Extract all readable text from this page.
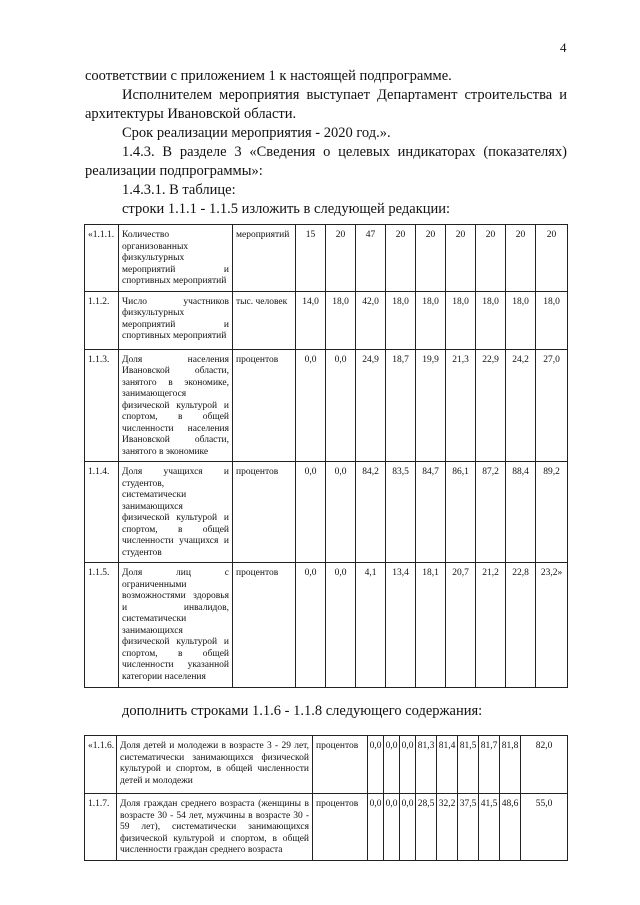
4
соответствии с приложением 1 к настоящей подпрограмме.
Исполнителем мероприятия выступает Департамент строительства и архитектуры Ивановской области.
Срок реализации мероприятия - 2020 год.».
1.4.3. В разделе 3 «Сведения о целевых индикаторах (показателях) реализации подпрограммы»:
1.4.3.1. В таблице:
строки 1.1.1 - 1.1.5 изложить в следующей редакции:
«1.1.1.	Количество организованных физкультурных мероприятий и спортивных мероприятий	мероприятий	15	20	47	20	20	20	20	20	20
1.1.2.	Число участников физкультурных мероприятий и спортивных мероприятий	тыс. человек	14,0	18,0	42,0	18,0	18,0	18,0	18,0	18,0	18,0
1.1.3.	Доля населения Ивановской области, занятого в экономике, занимающегося физической культурой и спортом, в общей численности населения Ивановской области, занятого в экономике	процентов	0,0	0,0	24,9	18,7	19,9	21,3	22,9	24,2	27,0
1.1.4.	Доля учащихся и студентов, систематически занимающихся физической культурой и спортом, в общей численности учащихся и студентов	процентов	0,0	0,0	84,2	83,5	84,7	86,1	87,2	88,4	89,2
1.1.5.	Доля лиц с ограниченными возможностями здоровья и инвалидов, систематически занимающихся физической культурой и спортом, в общей численности указанной категории населения	процентов	0,0	0,0	4,1	13,4	18,1	20,7	21,2	22,8	23,2»
дополнить строками 1.1.6 - 1.1.8 следующего содержания:
«1.1.6.	Доля детей и молодежи в возрасте 3 - 29 лет, систематически занимающихся физической культурой и спортом, в общей численности детей и молодежи	процентов	0,0	0,0	0,0	81,3	81,4	81,5	81,7	81,8	82,0
1.1.7.	Доля граждан среднего возраста (женщины в возрасте 30 - 54 лет, мужчины в возрасте 30 - 59 лет), систематически занимающихся физической культурой и спортом, в общей численности граждан среднего возраста	процентов	0,0	0,0	0,0	28,5	32,2	37,5	41,5	48,6	55,0
